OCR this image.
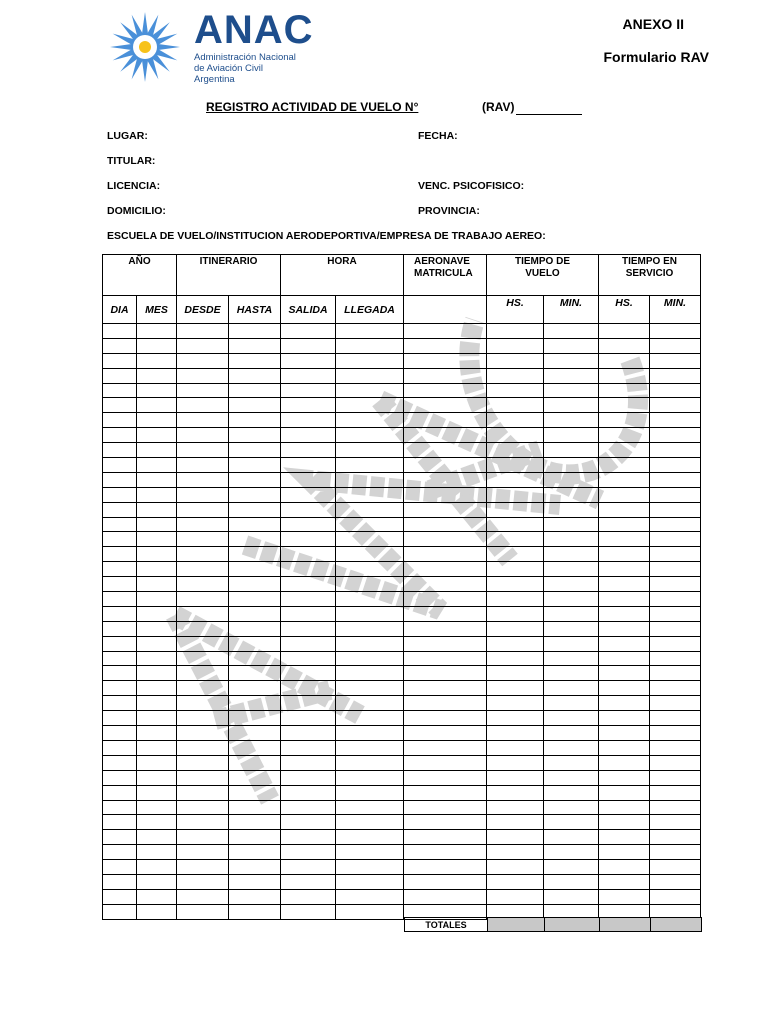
ANAC
Administración Nacional
de Aviación Civil
Argentina
ANEXO II
Formulario RAV
REGISTRO ACTIVIDAD DE VUELO N°	(RAV)
LUGAR:	FECHA:
TITULAR:
LICENCIA:	VENC. PSICOFISICO:
DOMICILIO:	PROVINCIA:
ESCUELA DE VUELO/INSTITUCION AERODEPORTIVA/EMPRESA DE TRABAJO AEREO:
AÑO		ITINERARIO		HORA		AERONAVE MATRICULA	TIEMPO DE VUELO		TIEMPO EN SERVICIO	
DIA	MES	DESDE	HASTA	SALIDA	LLEGADA		HS.	MIN.	HS.	MIN.

TOTALES				
